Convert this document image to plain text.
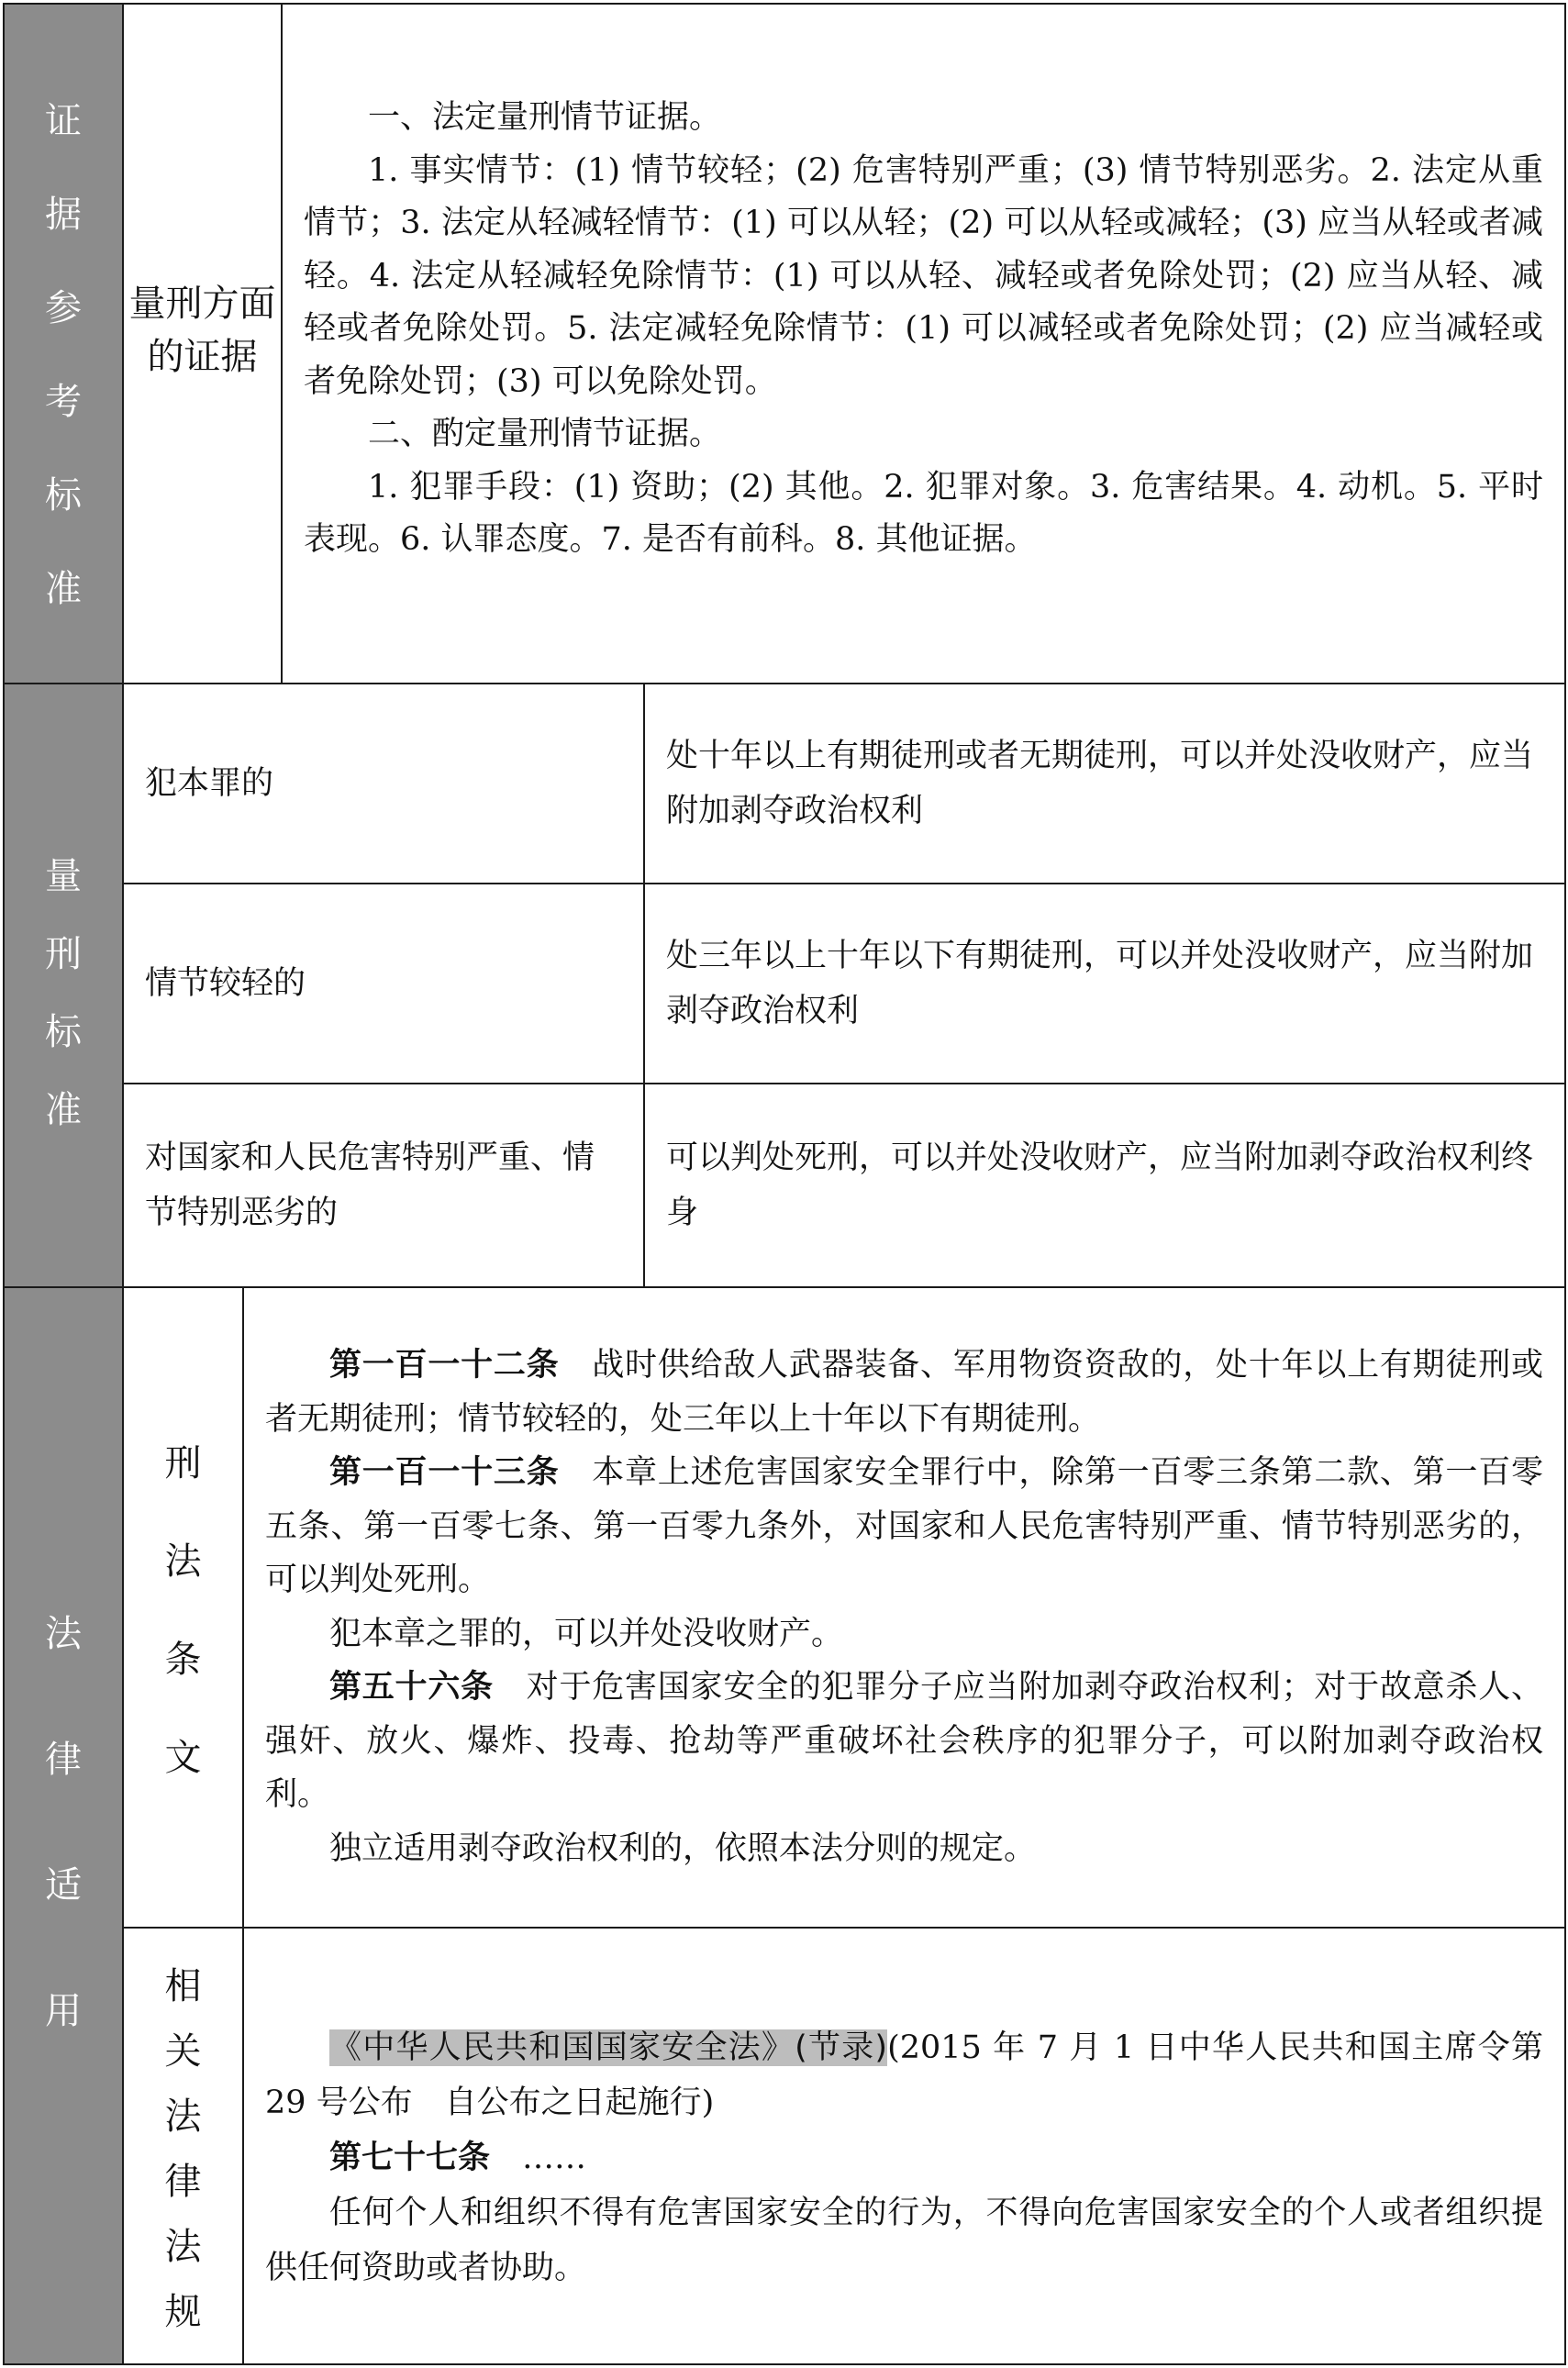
证
据
参
考
标
准
量刑方面的证据

一、法定量刑情节证据。

1. 事实情节：(1) 情节较轻；(2) 危害特别严重；(3) 情节特别恶劣。2. 法定从重情节；3. 法定从轻减轻情节：(1) 可以从轻；(2) 可以从轻或减轻；(3) 应当从轻或者减轻。4. 法定从轻减轻免除情节：(1) 可以从轻、减轻或者免除处罚；(2) 应当从轻、减轻或者免除处罚。5. 法定减轻免除情节：(1) 可以减轻或者免除处罚；(2) 应当减轻或者免除处罚；(3) 可以免除处罚。

二、酌定量刑情节证据。

1. 犯罪手段：(1) 资助；(2) 其他。2. 犯罪对象。3. 危害结果。4. 动机。5. 平时表现。6. 认罪态度。7. 是否有前科。8. 其他证据。

量
刑
标
准
犯本罪的
处十年以上有期徒刑或者无期徒刑，可以并处没收财产，应当附加剥夺政治权利
情节较轻的
处三年以上十年以下有期徒刑，可以并处没收财产，应当附加剥夺政治权利
对国家和人民危害特别严重、情节特别恶劣的
可以判处死刑，可以并处没收财产，应当附加剥夺政治权利终身
法
律
适
用
刑
法
条
文

第一百一十二条　战时供给敌人武器装备、军用物资资敌的，处十年以上有期徒刑或者无期徒刑；情节较轻的，处三年以上十年以下有期徒刑。

第一百一十三条　本章上述危害国家安全罪行中，除第一百零三条第二款、第一百零五条、第一百零七条、第一百零九条外，对国家和人民危害特别严重、情节特别恶劣的，可以判处死刑。

犯本章之罪的，可以并处没收财产。

第五十六条　对于危害国家安全的犯罪分子应当附加剥夺政治权利；对于故意杀人、强奸、放火、爆炸、投毒、抢劫等严重破坏社会秩序的犯罪分子，可以附加剥夺政治权利。

独立适用剥夺政治权利的，依照本法分则的规定。

相
关
法
律
法
规

《中华人民共和国国家安全法》(节录)(2015 年 7 月 1 日中华人民共和国主席令第 29 号公布　自公布之日起施行)

第七十七条　……

任何个人和组织不得有危害国家安全的行为，不得向危害国家安全的个人或者组织提供任何资助或者协助。
